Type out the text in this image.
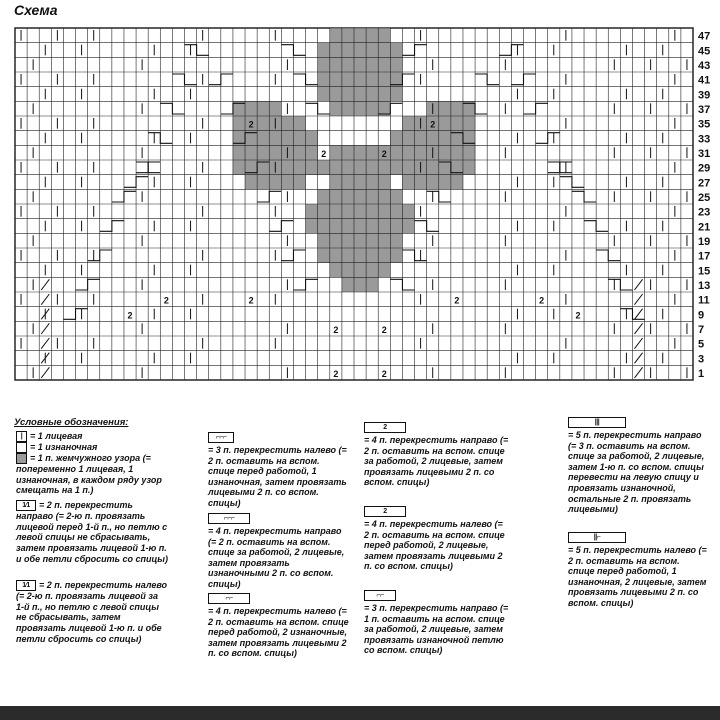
Схема
2	2
2	2
2	2	2	2
2	2
2	2
2	2
47
45
43
41
39
37
35
33
31
29
27
25
23
21
19
17
15
13
11
9
7
5
3
1
Условные обозначения:
| = 1 лицевая
= 1 изнаночная
= 1 п. жемчужного узора (= попеременно 1 лицевая, 1 изнаночная, в каждом ряду узор смещать на 1 п.)
1⁄1 = 2 п. перекрестить направо (= 2-ю п. провязать лицевой перед 1-й п., но петлю с левой спицы не сбрасывать, затем провязать лицевой 1-ю п. и обе петли сбросить со спицы)
1⁄1 = 2 п. перекрестить налево (= 2-ю п. провязать лицевой за 1-й п., но петлю с левой спицы не сбрасывать, затем провязать лицевой 1-ю п. и обе петли сбросить со спицы)
⌐⌐⌐
= 3 п. перекрестить налево (= 2 п. оставить на вспом. спице перед работой, 1 изнаночная, затем провязать лицевыми 2 п. со вспом. спицы)
⌐⌐⌐
= 4 п. перекрестить направо (= 2 п. оставить на вспом. спице за работой, 2 лицевые, затем провязать изнаночными 2 п. со вспом. спицы)
⌐⌐
= 4 п. перекрестить налево (= 2 п. оставить на вспом. спице перед работой, 2 изнаночные, затем провязать лицевыми 2 п. со вспом. спицы)
2
= 4 п. перекрестить направо (= 2 п. оставить на вспом. спице за работой, 2 лицевые, затем провязать лицевыми 2 п. со вспом. спицы)
2
= 4 п. перекрестить налево (= 2 п. оставить на вспом. спице перед работой, 2 лицевые, затем провязать лицевыми 2 п. со вспом. спицы)
⌐⌐
= 3 п. перекрестить направо (= 1 п. оставить на вспом. спице за работой, 2 лицевые, затем провязать изнаночной петлю со вспом. спицы)
|||
= 5 п. перекрестить направо (= 3 п. оставить на вспом. спице за работой, 2 лицевые, затем 1-ю п. со вспом. спицы перевести на левую спицу и провязать изнаночной, остальные 2 п. провязать лицевыми)
||⌐
= 5 п. перекрестить налево (= 2 п. оставить на вспом. спице перед работой, 1 изнаночная, 2 лицевые, затем провязать лицевыми 2 п. со вспом. спицы)
